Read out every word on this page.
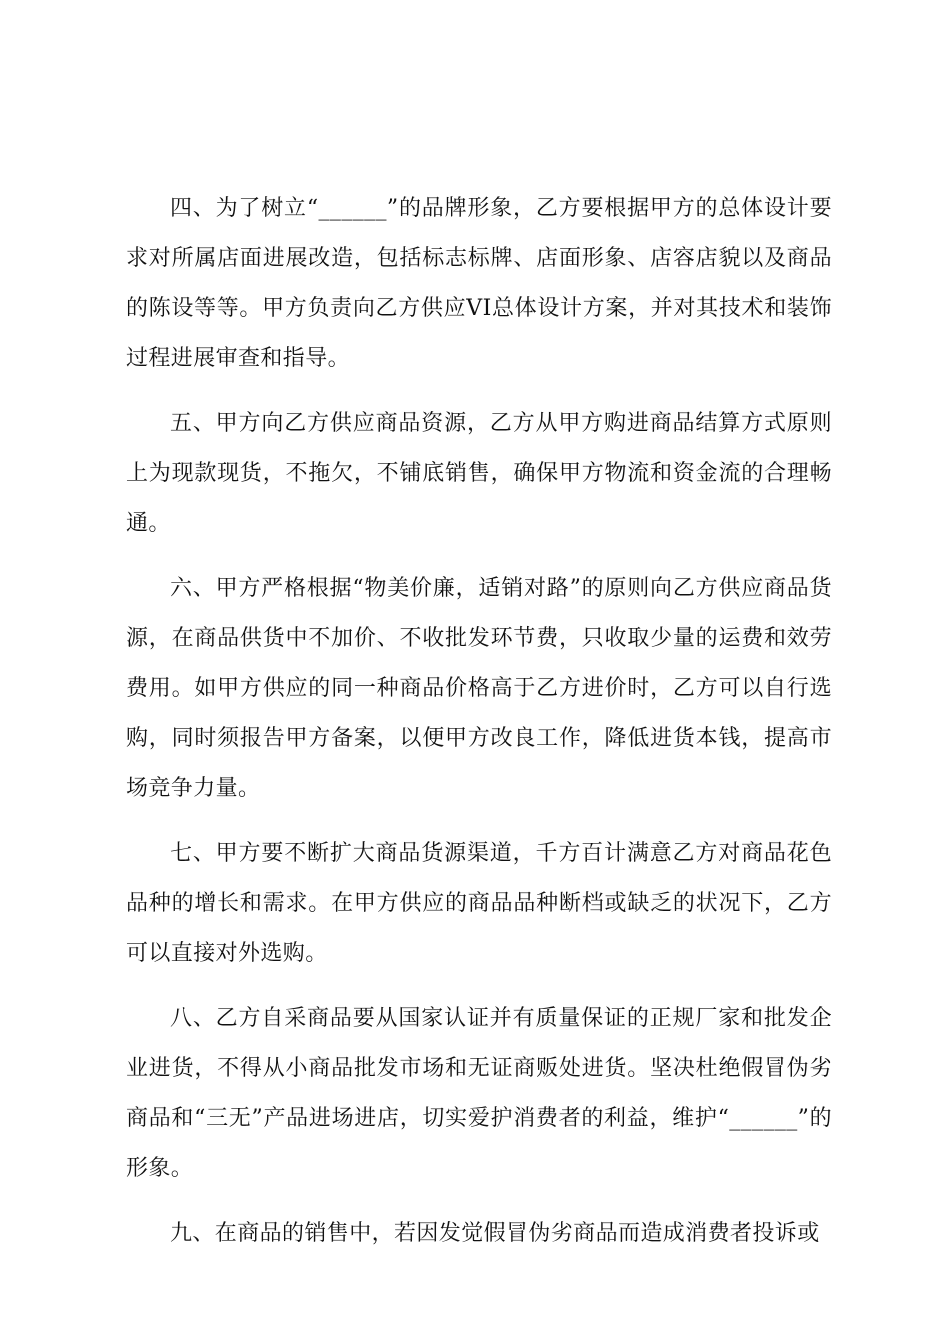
四、为了树立“______”的品牌形象，乙方要根据甲方的总体设计要求对所属店面进展改造，包括标志标牌、店面形象、店容店貌以及商品的陈设等等。甲方负责向乙方供应VI总体设计方案，并对其技术和装饰过程进展审查和指导。

五、甲方向乙方供应商品资源，乙方从甲方购进商品结算方式原则上为现款现货，不拖欠，不铺底销售，确保甲方物流和资金流的合理畅通。

六、甲方严格根据“物美价廉，适销对路”的原则向乙方供应商品货源，在商品供货中不加价、不收批发环节费，只收取少量的运费和效劳费用。如甲方供应的同一种商品价格高于乙方进价时，乙方可以自行选购，同时须报告甲方备案，以便甲方改良工作，降低进货本钱，提高市场竞争力量。

七、甲方要不断扩大商品货源渠道，千方百计满意乙方对商品花色品种的增长和需求。在甲方供应的商品品种断档或缺乏的状况下，乙方可以直接对外选购。

八、乙方自采商品要从国家认证并有质量保证的正规厂家和批发企业进货，不得从小商品批发市场和无证商贩处进货。坚决杜绝假冒伪劣商品和“三无”产品进场进店，切实爱护消费者的利益，维护“______”的形象。

九、在商品的销售中，若因发觉假冒伪劣商品而造成消费者投诉或
